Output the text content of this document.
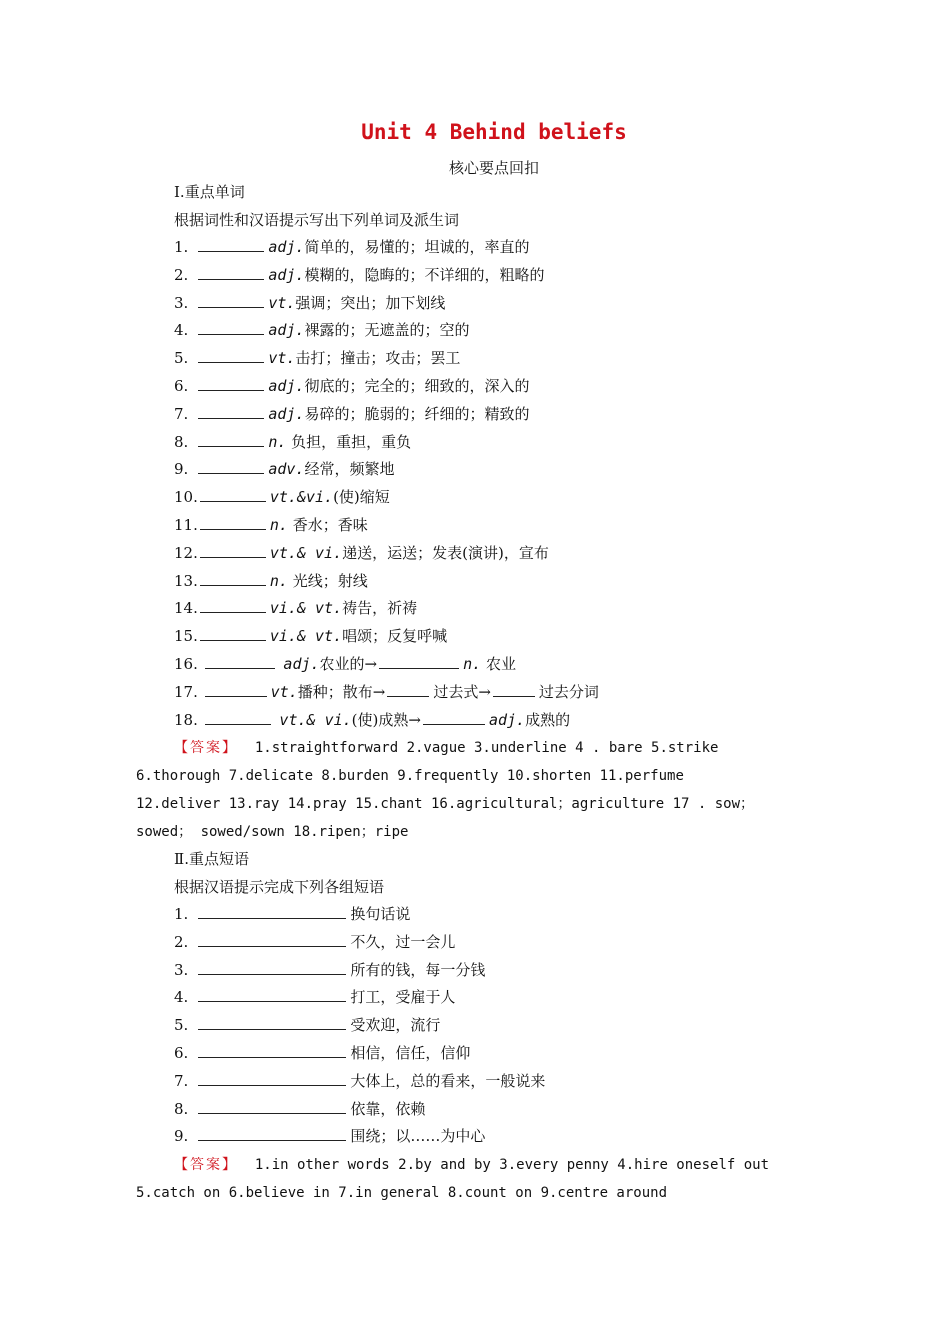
Unit 4 Behind beliefs
核心要点回扣
Ⅰ.重点单词
根据词性和汉语提示写出下列单词及派生词
1.	adj.简单的，易懂的；坦诚的，率直的
2.	adj.模糊的，隐晦的；不详细的，粗略的
3.	vt.强调；突出；加下划线
4.	adj.裸露的；无遮盖的；空的
5.	vt.击打；撞击；攻击；罢工
6.	adj.彻底的；完全的；细致的，深入的
7.	adj.易碎的；脆弱的；纤细的；精致的
8.	n. 负担，重担，重负
9.	adv.经常，频繁地
10.	vt.&vi.(使)缩短
11.	n. 香水；香味
12.	vt.& vi.递送，运送；发表(演讲)，宣布
13.	n. 光线；射线
14.	vi.& vt.祷告，祈祷
15.	vi.& vt.唱颂；反复呼喊
16.	adj.农业的→	n. 农业
17.	vt.播种；散布→	过去式→	过去分词
18.	vt.& vi.(使)成熟→	adj.成熟的
【答案】 1.straightforward 2.vague 3.underline 4 . bare 5.strike
6.thorough 7.delicate 8.burden 9.frequently 10.shorten 11.perfume
12.deliver 13.ray 14.pray 15.chant 16.agricultural；agriculture 17 . sow；
sowed； sowed/sown 18.ripen；ripe
Ⅱ.重点短语
根据汉语提示完成下列各组短语
1.	换句话说
2.	不久，过一会儿
3.	所有的钱，每一分钱
4.	打工，受雇于人
5.	受欢迎，流行
6.	相信，信任，信仰
7.	大体上，总的看来，一般说来
8.	依靠，依赖
9.	围绕；以……为中心
【答案】 1.in other words 2.by and by 3.every penny 4.hire oneself out
5.catch on 6.believe in 7.in general 8.count on 9.centre around
